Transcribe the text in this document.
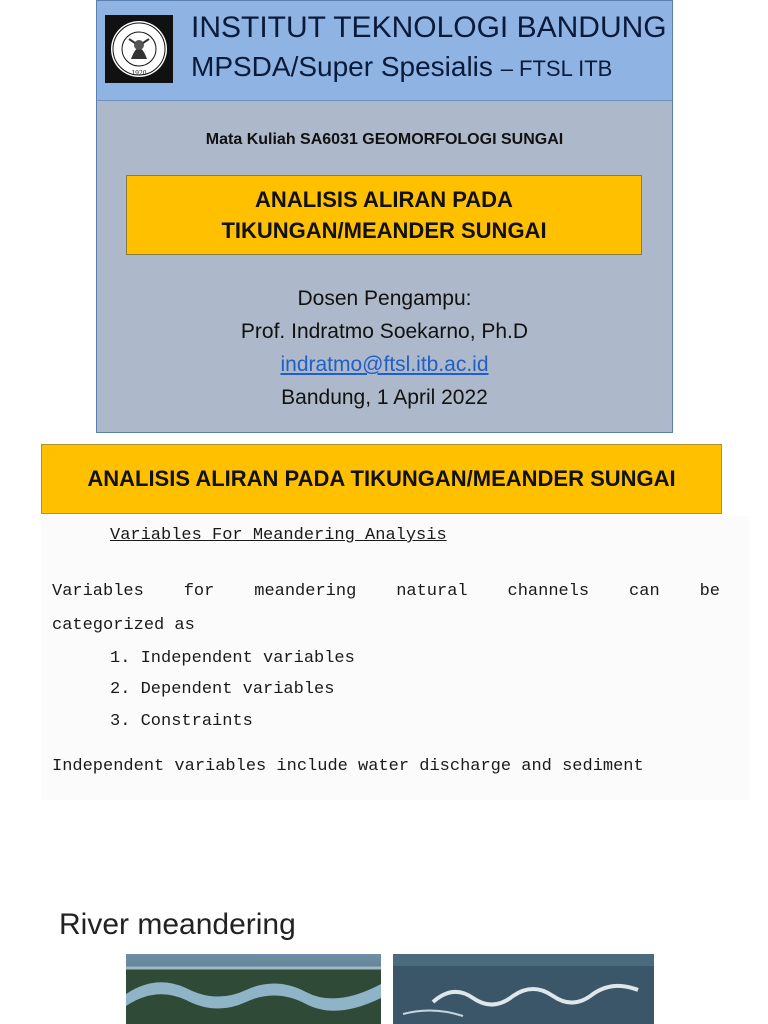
1920
INSTITUT TEKNOLOGI BANDUNG
MPSDA/Super Spesialis – FTSL ITB
Mata Kuliah SA6031 GEOMORFOLOGI SUNGAI
ANALISIS ALIRAN PADA
TIKUNGAN/MEANDER SUNGAI
Dosen Pengampu:
Prof. Indratmo Soekarno, Ph.D
indratmo@ftsl.itb.ac.id
Bandung, 1 April 2022
ANALISIS ALIRAN PADA TIKUNGAN/MEANDER SUNGAI
Variables For Meandering Analysis
Variables for meandering natural channels can be
categorized as
1. Independent variables
2. Dependent variables
3. Constraints
Independent variables include water discharge and sediment
River meandering
